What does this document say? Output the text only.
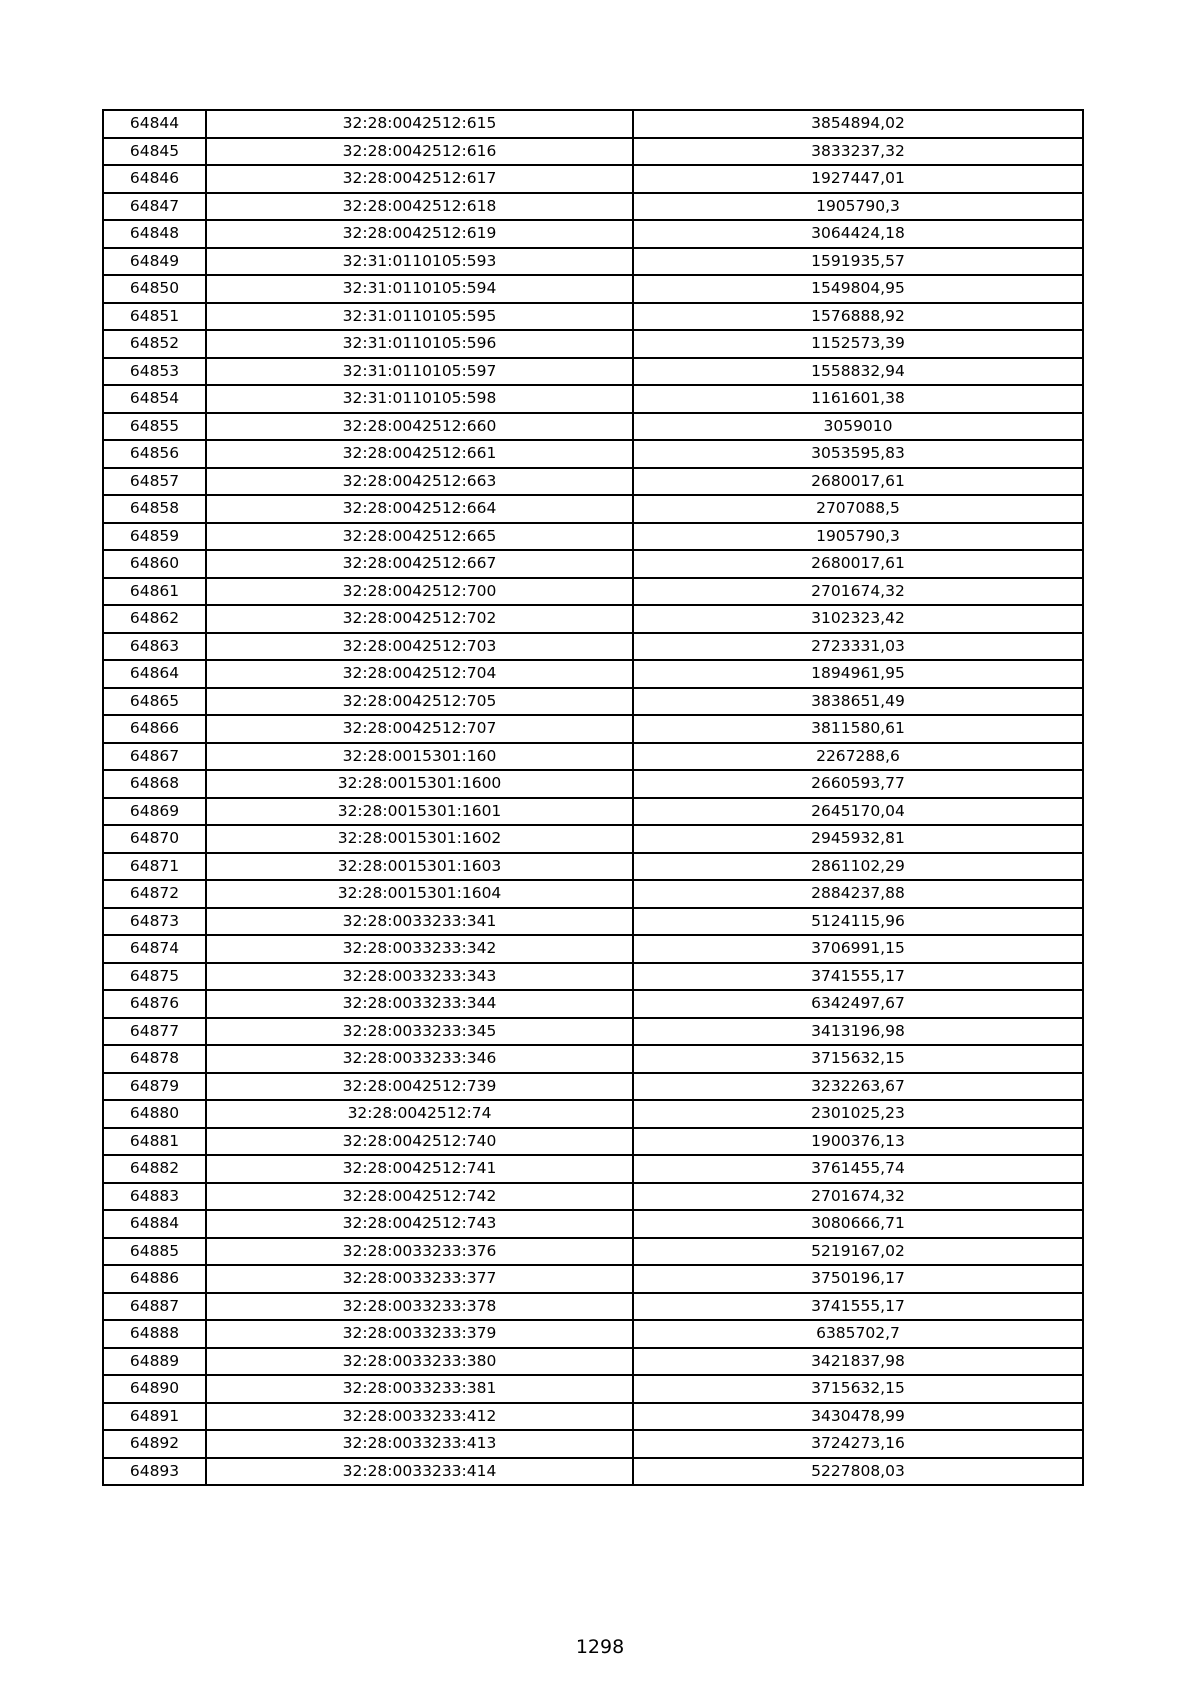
64844	32:28:0042512:615	3854894,02
64845	32:28:0042512:616	3833237,32
64846	32:28:0042512:617	1927447,01
64847	32:28:0042512:618	1905790,3
64848	32:28:0042512:619	3064424,18
64849	32:31:0110105:593	1591935,57
64850	32:31:0110105:594	1549804,95
64851	32:31:0110105:595	1576888,92
64852	32:31:0110105:596	1152573,39
64853	32:31:0110105:597	1558832,94
64854	32:31:0110105:598	1161601,38
64855	32:28:0042512:660	3059010
64856	32:28:0042512:661	3053595,83
64857	32:28:0042512:663	2680017,61
64858	32:28:0042512:664	2707088,5
64859	32:28:0042512:665	1905790,3
64860	32:28:0042512:667	2680017,61
64861	32:28:0042512:700	2701674,32
64862	32:28:0042512:702	3102323,42
64863	32:28:0042512:703	2723331,03
64864	32:28:0042512:704	1894961,95
64865	32:28:0042512:705	3838651,49
64866	32:28:0042512:707	3811580,61
64867	32:28:0015301:160	2267288,6
64868	32:28:0015301:1600	2660593,77
64869	32:28:0015301:1601	2645170,04
64870	32:28:0015301:1602	2945932,81
64871	32:28:0015301:1603	2861102,29
64872	32:28:0015301:1604	2884237,88
64873	32:28:0033233:341	5124115,96
64874	32:28:0033233:342	3706991,15
64875	32:28:0033233:343	3741555,17
64876	32:28:0033233:344	6342497,67
64877	32:28:0033233:345	3413196,98
64878	32:28:0033233:346	3715632,15
64879	32:28:0042512:739	3232263,67
64880	32:28:0042512:74	2301025,23
64881	32:28:0042512:740	1900376,13
64882	32:28:0042512:741	3761455,74
64883	32:28:0042512:742	2701674,32
64884	32:28:0042512:743	3080666,71
64885	32:28:0033233:376	5219167,02
64886	32:28:0033233:377	3750196,17
64887	32:28:0033233:378	3741555,17
64888	32:28:0033233:379	6385702,7
64889	32:28:0033233:380	3421837,98
64890	32:28:0033233:381	3715632,15
64891	32:28:0033233:412	3430478,99
64892	32:28:0033233:413	3724273,16
64893	32:28:0033233:414	5227808,03
1298
